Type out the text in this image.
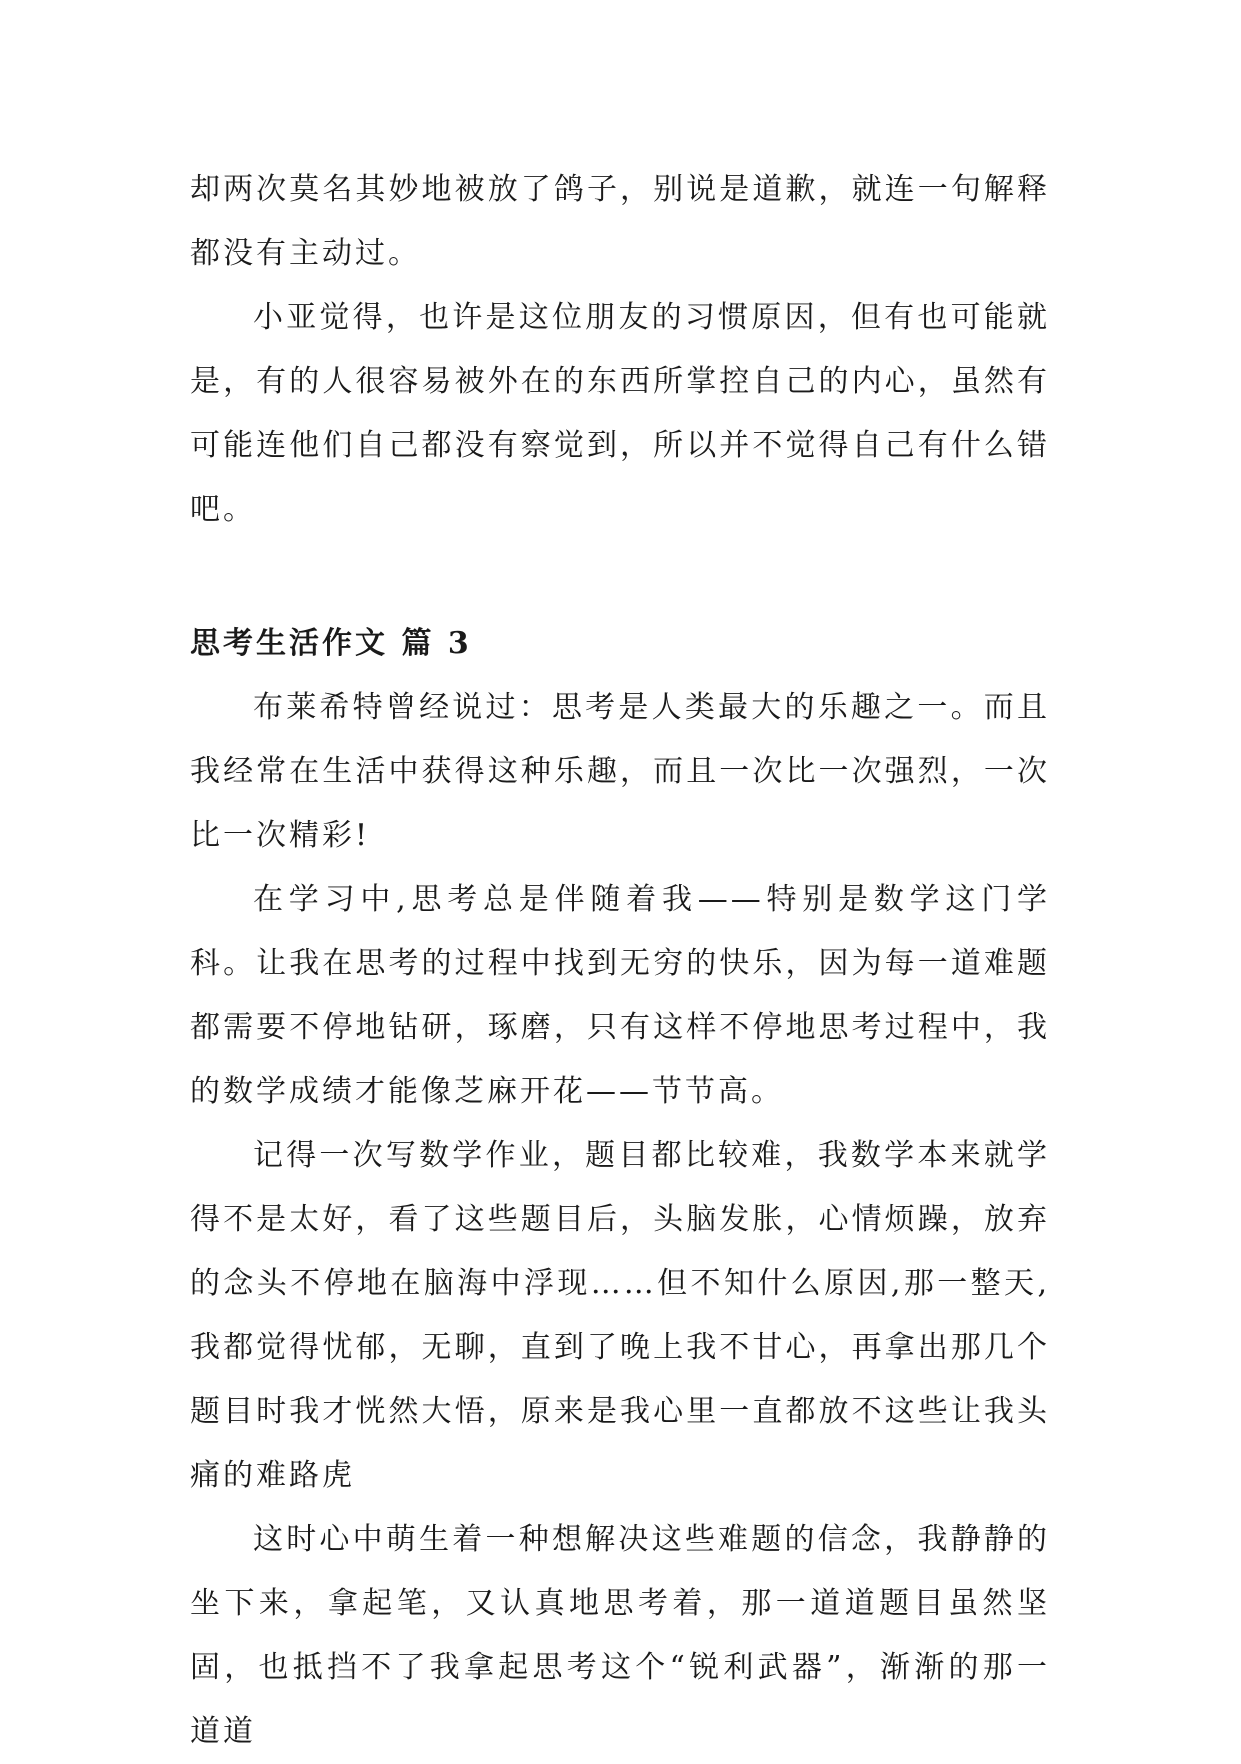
却两次莫名其妙地被放了鸽子，别说是道歉，就连一句解释都没有主动过。

小亚觉得，也许是这位朋友的习惯原因，但有也可能就是，有的人很容易被外在的东西所掌控自己的内心，虽然有可能连他们自己都没有察觉到，所以并不觉得自己有什么错吧。

思考生活作文 篇 3

布莱希特曾经说过：思考是人类最大的乐趣之一。而且我经常在生活中获得这种乐趣，而且一次比一次强烈，一次比一次精彩!

在学习中,思考总是伴随着我——特别是数学这门学科。让我在思考的过程中找到无穷的快乐，因为每一道难题都需要不停地钻研，琢磨，只有这样不停地思考过程中，我的数学成绩才能像芝麻开花——节节高。

记得一次写数学作业，题目都比较难，我数学本来就学得不是太好，看了这些题目后，头脑发胀，心情烦躁，放弃的念头不停地在脑海中浮现……但不知什么原因,那一整天,我都觉得忧郁，无聊，直到了晚上我不甘心，再拿出那几个题目时我才恍然大悟，原来是我心里一直都放不这些让我头痛的难路虎

这时心中萌生着一种想解决这些难题的信念，我静静的坐下来，拿起笔，又认真地思考着，那一道道题目虽然坚固，也抵挡不了我拿起思考这个“锐利武器”，渐渐的那一道道
